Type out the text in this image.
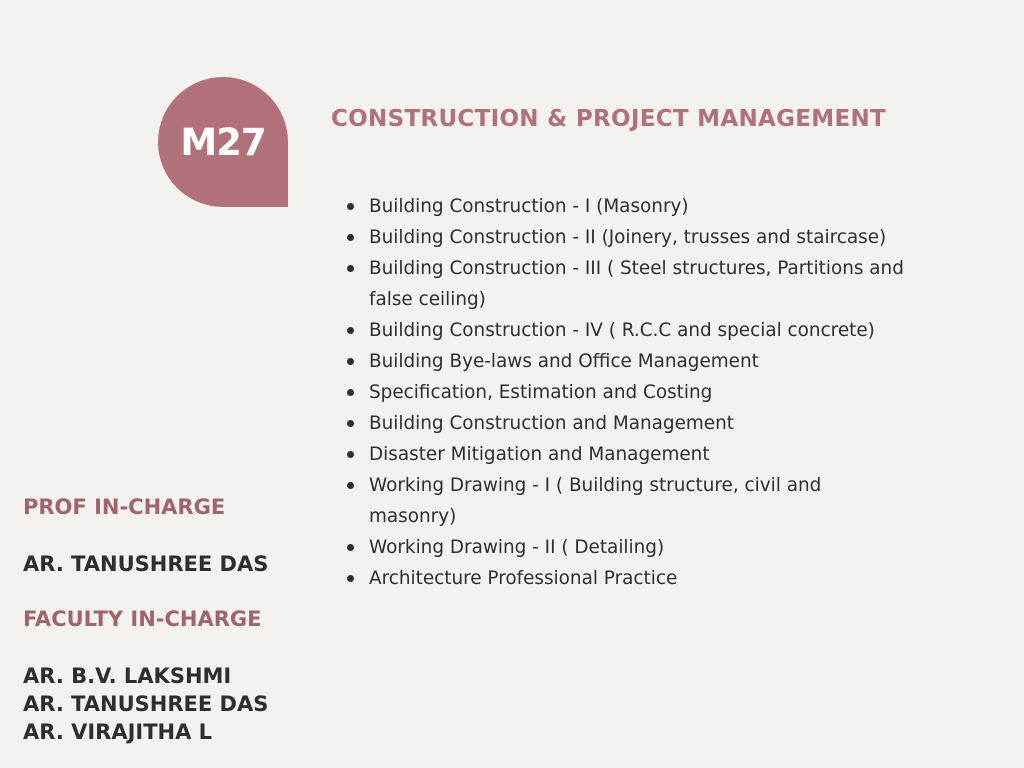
M27
CONSTRUCTION & PROJECT MANAGEMENT
Building Construction - I (Masonry)
Building Construction - II (Joinery, trusses and staircase)
Building Construction - III ( Steel structures, Partitions and false ceiling)
Building Construction - IV ( R.C.C and special concrete)
Building Bye-laws and Office Management
Specification, Estimation and Costing
Building Construction and Management
Disaster Mitigation and Management
Working Drawing - I ( Building structure, civil and masonry)
Working Drawing - II ( Detailing)
Architecture Professional Practice
PROF IN-CHARGE
AR. TANUSHREE DAS
FACULTY IN-CHARGE
AR. B.V. LAKSHMI
AR. TANUSHREE DAS
AR. VIRAJITHA L
